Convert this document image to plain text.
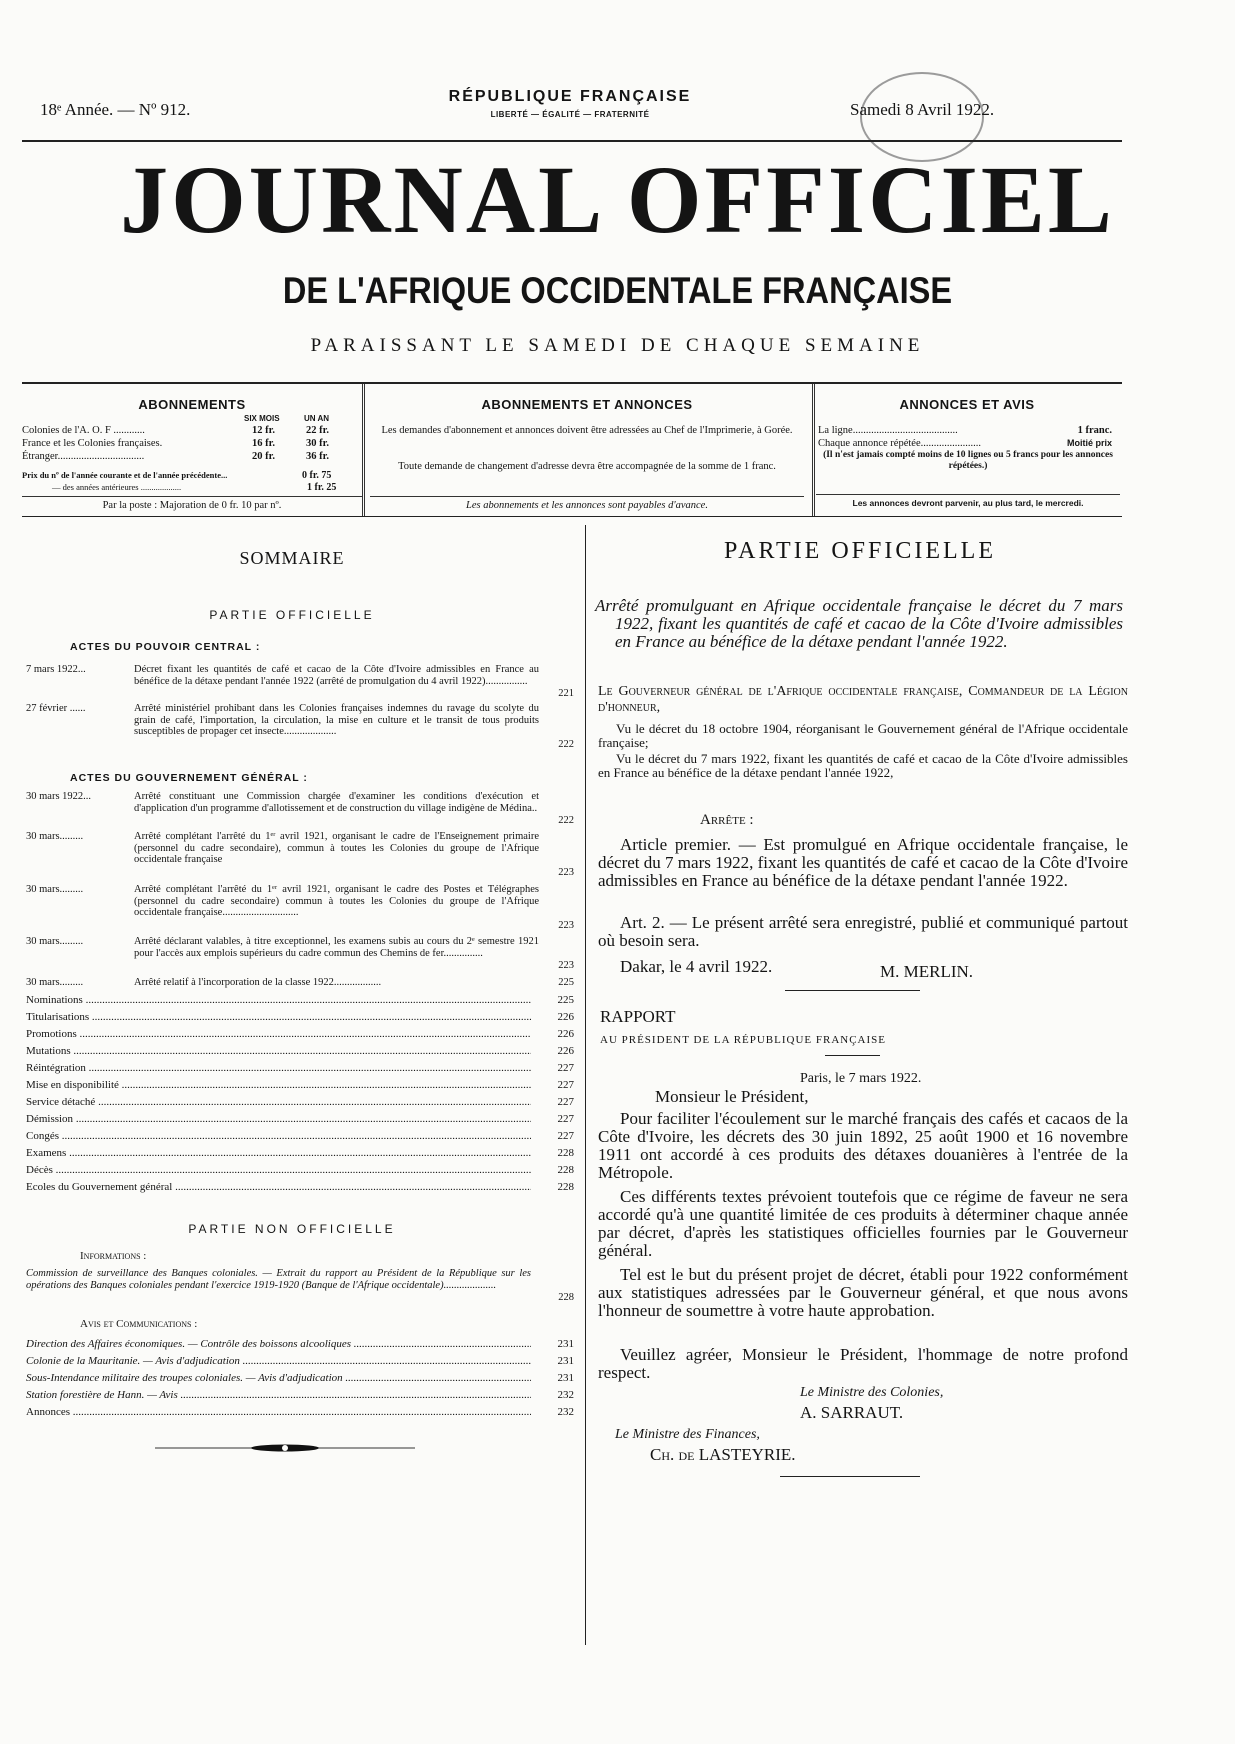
18ᵉ Année. — Nº 912.
RÉPUBLIQUE FRANÇAISE
LIBERTÉ — ÉGALITÉ — FRATERNITÉ	Samedi 8 Avril 1922.
JOURNAL OFFICIEL
DE L'AFRIQUE OCCIDENTALE FRANÇAISE
PARAISSANT LE SAMEDI DE CHAQUE SEMAINE
ABONNEMENTS
SIX MOIS	UN AN
Colonies de l'A. O. F ............	12 fr.	22 fr.
France et les Colonies françaises.	16 fr.	30 fr.
Étranger.................................	20 fr.	36 fr.
Prix du nº de l'année courante et de l'année précédente...	0 fr. 75
— des années antérieures ...................	1 fr. 25
Par la poste : Majoration de 0 fr. 10 par nº.
ABONNEMENTS ET ANNONCES
Les demandes d'abonnement et annonces doivent être adressées au Chef de l'Imprimerie, à Gorée.
Toute demande de changement d'adresse devra être accompagnée de la somme de 1 franc.
Les abonnements et les annonces sont payables d'avance.
ANNONCES ET AVIS
La ligne........................................	1 franc.
Chaque annonce répétée.......................	Moitié prix
(Il n'est jamais compté moins de 10 lignes ou 5 francs pour les annonces répétées.)
Les annonces devront parvenir, au plus tard, le mercredi.
SOMMAIRE
PARTIE OFFICIELLE
ACTES DU POUVOIR CENTRAL :
7 mars 1922...	Décret fixant les quantités de café et cacao de la Côte d'Ivoire admissibles en France au bénéfice de la détaxe pendant l'année 1922 (arrêté de promulgation du 4 avril 1922)................
221
27 février ......	Arrêté ministériel prohibant dans les Colonies françaises indemnes du ravage du scolyte du grain de café, l'importation, la circulation, la mise en culture et le transit de tous produits susceptibles de propager cet insecte....................
222
ACTES DU GOUVERNEMENT GÉNÉRAL :
30 mars 1922...	Arrêté constituant une Commission chargée d'examiner les conditions d'exécution et d'application d'un programme d'allotissement et de construction du village indigène de Médina..
222
30 mars.........	Arrêté complétant l'arrêté du 1ᵉʳ avril 1921, organisant le cadre de l'Enseignement primaire (personnel du cadre secondaire), commun à toutes les Colonies du groupe de l'Afrique occidentale française
223
30 mars.........	Arrêté complétant l'arrêté du 1ᵉʳ avril 1921, organisant le cadre des Postes et Télégraphes (personnel du cadre secondaire) commun à toutes les Colonies du groupe de l'Afrique occidentale française.............................
223
30 mars.........	Arrêté déclarant valables, à titre exceptionnel, les examens subis au cours du 2ᵉ semestre 1921 pour l'accès aux emplois supérieurs du cadre commun des Chemins de fer...............
223
30 mars.........	Arrêté relatif à l'incorporation de la classe 1922..................	225
Nominations .....	225
Titularisations .....	226
Promotions .....	226
Mutations .....	226
Réintégration .....	227
Mise en disponibilité .....	227
Service détaché .....	227
Démission .....	227
Congés .....	227
Examens .....	228
Décès .....	228
Ecoles du Gouvernement général .....	228
PARTIE NON OFFICIELLE
Informations :
Commission de surveillance des Banques coloniales. — Extrait du rapport au Président de la République sur les opérations des Banques coloniales pendant l'exercice 1919-1920 (Banque de l'Afrique occidentale)....................
228
Avis et Communications :
Direction des Affaires économiques. — Contrôle des boissons alcooliques .....	231
Colonie de la Mauritanie. — Avis d'adjudication .....	231
Sous-Intendance militaire des troupes coloniales. — Avis d'adjudication .....	231
Station forestière de Hann. — Avis .....	232
Annonces .....	232
PARTIE OFFICIELLE
Arrêté promulguant en Afrique occidentale française le décret du 7 mars 1922, fixant les quantités de café et cacao de la Côte d'Ivoire admissibles en France au bénéfice de la détaxe pendant l'année 1922.
Le Gouverneur général de l'Afrique occidentale française, Commandeur de la Légion d'honneur,
Vu le décret du 18 octobre 1904, réorganisant le Gouvernement général de l'Afrique occidentale française;
Vu le décret du 7 mars 1922, fixant les quantités de café et cacao de la Côte d'Ivoire admissibles en France au bénéfice de la détaxe pendant l'année 1922,
Arrête :
Article premier. — Est promulgué en Afrique occidentale française, le décret du 7 mars 1922, fixant les quantités de café et cacao de la Côte d'Ivoire admissibles en France au bénéfice de la détaxe pendant l'année 1922.
Art. 2. — Le présent arrêté sera enregistré, publié et communiqué partout où besoin sera.
Dakar, le 4 avril 1922.	M. MERLIN.
RAPPORT
AU PRÉSIDENT DE LA RÉPUBLIQUE FRANÇAISE
Paris, le 7 mars 1922.
Monsieur le Président,
Pour faciliter l'écoulement sur le marché français des cafés et cacaos de la Côte d'Ivoire, les décrets des 30 juin 1892, 25 août 1900 et 16 novembre 1911 ont accordé à ces produits des détaxes douanières à l'entrée de la Métropole.
Ces différents textes prévoient toutefois que ce régime de faveur ne sera accordé qu'à une quantité limitée de ces produits à déterminer chaque année par décret, d'après les statistiques officielles fournies par le Gouverneur général.
Tel est le but du présent projet de décret, établi pour 1922 conformément aux statistiques adressées par le Gouverneur général, et que nous avons l'honneur de soumettre à votre haute approbation.
Veuillez agréer, Monsieur le Président, l'hommage de notre profond respect.
Le Ministre des Colonies,
A. SARRAUT.
Le Ministre des Finances,
Ch. de LASTEYRIE.
